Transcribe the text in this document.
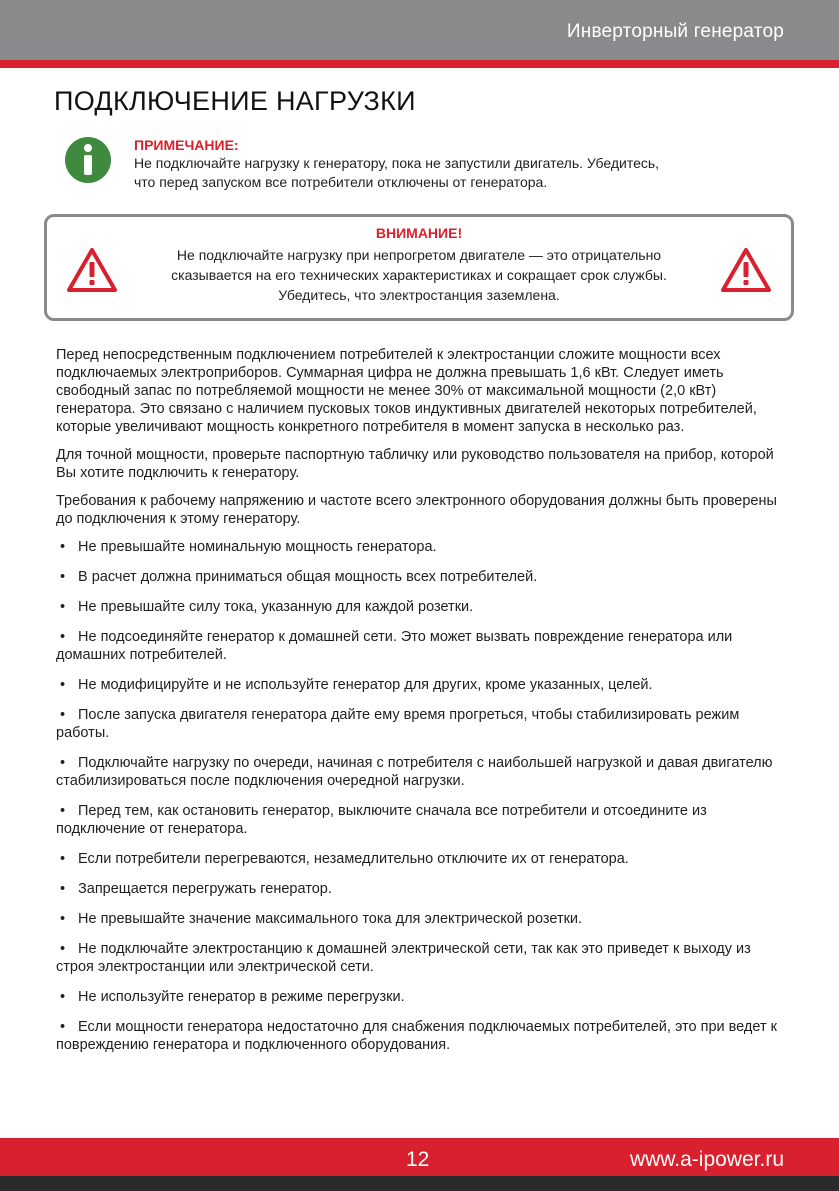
Инверторный генератор
ПОДКЛЮЧЕНИЕ НАГРУЗКИ
ПРИМЕЧАНИЕ:
Не подключайте нагрузку к генератору, пока не запустили двигатель. Убедитесь,
что перед запуском все потребители отключены от генератора.
ВНИМАНИЕ!
Не подключайте нагрузку при непрогретом двигателе — это отрицательно
сказывается на его технических характеристиках и сокращает срок службы.
Убедитесь, что электростанция заземлена.

Перед непосредственным подключением потребителей к электростанции сложите мощности всех подключаемых электроприборов. Суммарная цифра не должна превышать 1,6 кВт. Следует иметь свободный запас по потребляемой мощности не менее 30% от максимальной мощности (2,0 кВт) генератора. Это связано с наличием пусковых токов индуктивных двигателей некоторых потребителей, которые увеличивают мощность конкретного потребителя в момент запуска в несколько раз.

Для точной мощности, проверьте паспортную табличку или руководство пользователя на прибор, которой Вы хотите подключить к генератору.

Требования к рабочему напряжению и частоте всего электронного оборудования должны быть проверены до подключения к этому генератору.

• Не превышайте номинальную мощность генератора.
• В расчет должна приниматься общая мощность всех потребителей.
• Не превышайте силу тока, указанную для каждой розетки.
• Не подсоединяйте генератор к домашней сети. Это может вызвать повреждение генератора или домашних потребителей.
• Не модифицируйте и не используйте генератор для других, кроме указанных, целей.
• После запуска двигателя генератора дайте ему время прогреться, чтобы стабилизировать режим работы.
• Подключайте нагрузку по очереди, начиная с потребителя с наибольшей нагрузкой и давая двигателю стабилизироваться после подключения очередной нагрузки.
• Перед тем, как остановить генератор, выключите сначала все потребители и отсоедините из подключение от генератора.
• Если потребители перегреваются, незамедлительно отключите их от генератора.
• Запрещается перегружать генератор.
• Не превышайте значение максимального тока для электрической розетки.
• Не подключайте электростанцию к домашней электрической сети, так как это приведет к выходу из строя электростанции или электрической сети.
• Не используйте генератор в режиме перегрузки.
• Если мощности генератора недостаточно для снабжения подключаемых потребителей, это при ведет к повреждению генератора и подключенного оборудования.
12	www.a-ipower.ru
